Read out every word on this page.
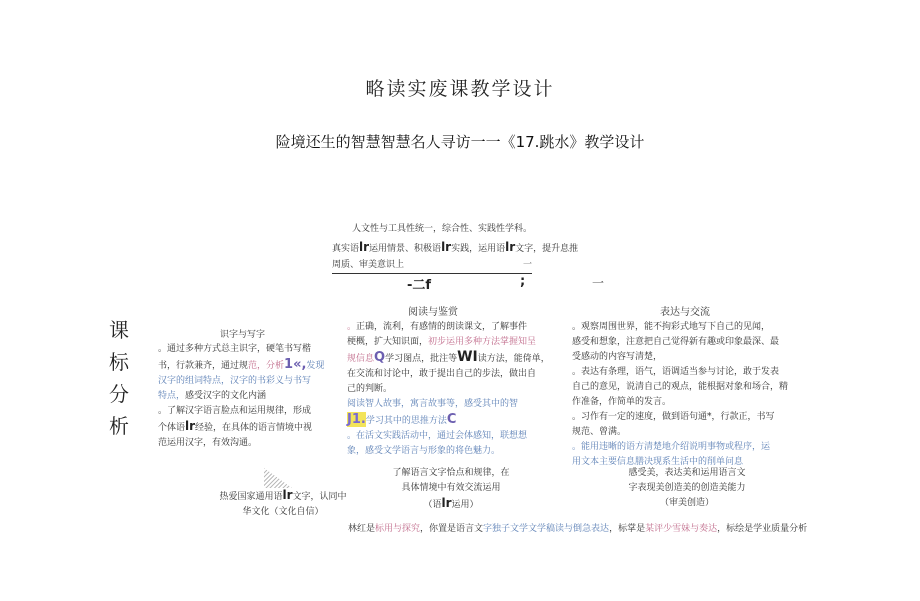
略读实废课教学设计
险境还生的智慧智慧名人寻访一一《17.跳水》教学设计
人文性与工具性统一，综合性、实践性学科。
真实语lr运用情景、积极语lr实践，运用语lr文字，提升息推
周质、审美意识上	一
-二f	;	一
课
标
分
析
识字与写字
。通过多种方式总主识字，硬笔书写楷
书，行款兼齐，通过规范，分析1«,发现
汉字的组词特点，汉字的书彩义与书写
特点，感受汉字的文化内涵
。了解汉字语言脸点和运用规律，形成
个体语lr经验，在具体的语言情境中视
范运用汉字，有效沟通。
阅读与鉴赏
。正确，流利，有感情的朗读课文，了解事件
梗概，扩大知识面，初步运用多种方法掌握知呈
规信息Q学习图点，批注等WI读方法，能倚单，
在交流和讨论中，敢于提出自己的步法，做出自
己的判断。
阅读智人故事，寓言故事等，感受其中的智
J1.学习其中的思推方法C
。在活文实践活动中，通过会体感知，联想想
象，感受文学语言与形象的将色魅力。
表达与交流
。观察周围世界，能不拘彩式地写下自己的见闻，
感受和想象，注意把自己觉得新有趣或印象最深、最
受感动的内容写清楚，
。表达有条理，语气，语调适当参与讨论，敢于发表
自己的意见，说清自己的观点，能根据对象和场合，精
作准备，作简单的发言。
。习作有一定的速度，做到语句通*，行款正，书写
规范、曾满。
。能用违晰的语方清楚地介绍说明事物或程序，运
用文本主要信息膳决现系生活中的削单问息
热爱国家通用语lr文字，认同中
华文化（文化自信）
了解语言文字恰点和规律，在
具体情境中有效交流运用
（语lr运用）
感受美，表达美和运用语言文
字表现美创造美的创造美能力
（审美创造）
林红是标用与探究，你置是语言文字独子文学文学稿读与倒急表达，标掌是某评少雪妹与奏达，标绘是学业质量分析
